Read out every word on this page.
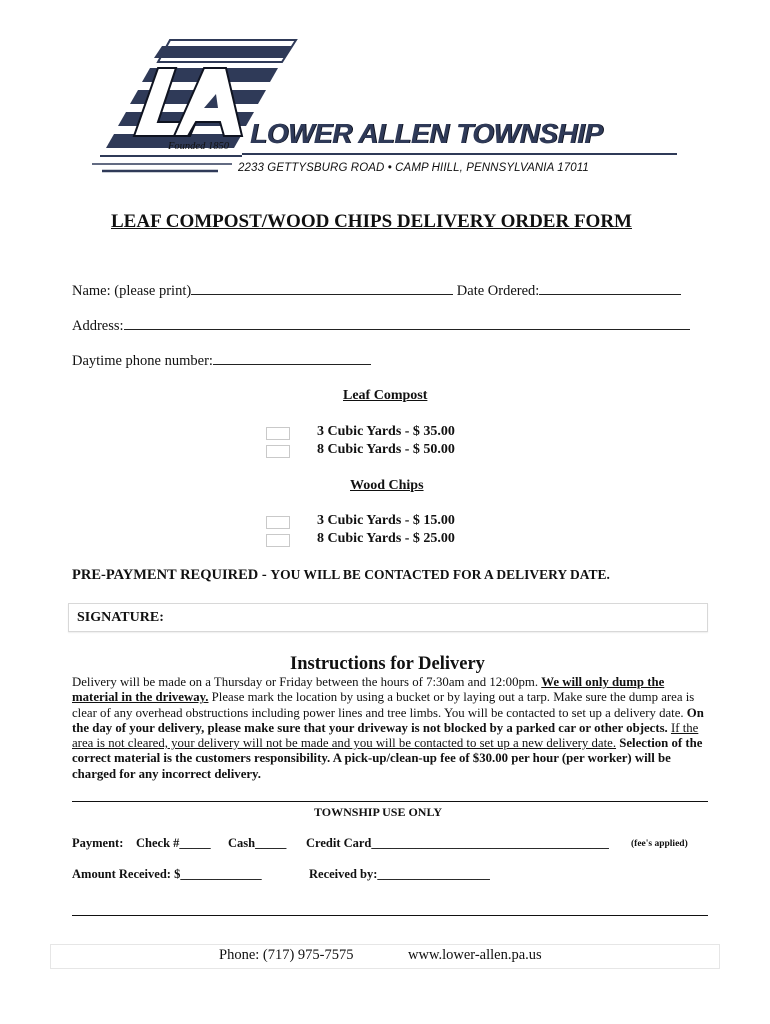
Founded 1850 LOWER ALLEN TOWNSHIP
2233 GETTYSBURG ROAD • CAMP HIILL, PENNSYLVANIA 17011
LEAF COMPOST/WOOD CHIPS DELIVERY ORDER FORM
Name: (please print)	Date Ordered:
Address:
Daytime phone number:
Leaf Compost
3 Cubic Yards - $ 35.00
8 Cubic Yards - $ 50.00
Wood Chips
3 Cubic Yards - $ 15.00
8 Cubic Yards - $ 25.00
PRE-PAYMENT REQUIRED - YOU WILL BE CONTACTED FOR A DELIVERY DATE.
SIGNATURE:
Instructions for Delivery
Delivery will be made on a Thursday or Friday between the hours of 7:30am and 12:00pm. We will only dump the material in the driveway. Please mark the location by using a bucket or by laying out a tarp. Make sure the dump area is clear of any overhead obstructions including power lines and tree limbs. You will be contacted to set up a delivery date. On the day of your delivery, please make sure that your driveway is not blocked by a parked car or other objects. If the area is not cleared, your delivery will not be made and you will be contacted to set up a new delivery date. Selection of the correct material is the customers responsibility. A pick-up/clean-up fee of $30.00 per hour (per worker) will be charged for any incorrect delivery.
TOWNSHIP USE ONLY
Payment: Check #_____ Cash_____ Credit Card______________________________________ (fee's applied)
Amount Received: $_____________	Received by:__________________
Phone: (717) 975-7575	www.lower-allen.pa.us
